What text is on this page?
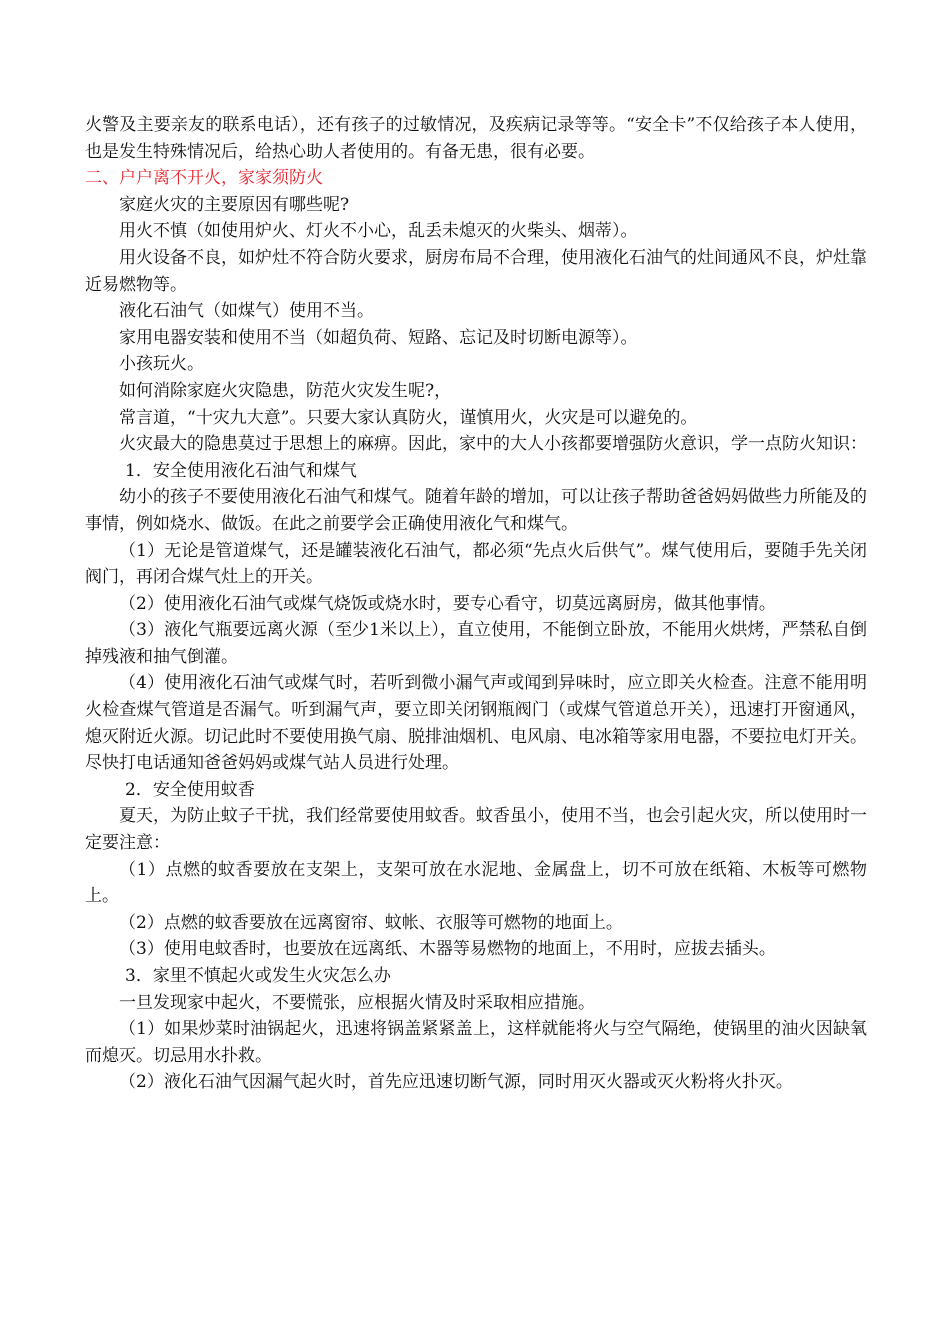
火警及主要亲友的联系电话），还有孩子的过敏情况，及疾病记录等等。“安全卡”不仅给孩子本人使用，也是发生特殊情况后，给热心助人者使用的。有备无患，很有必要。

二、户户离不开火，家家须防火

家庭火灾的主要原因有哪些呢?

用火不慎（如使用炉火、灯火不小心，乱丢未熄灭的火柴头、烟蒂）。

用火设备不良，如炉灶不符合防火要求，厨房布局不合理，使用液化石油气的灶间通风不良，炉灶靠近易燃物等。

液化石油气（如煤气）使用不当。

家用电器安装和使用不当（如超负荷、短路、忘记及时切断电源等）。

小孩玩火。

如何消除家庭火灾隐患，防范火灾发生呢?，

常言道，“十灾九大意”。只要大家认真防火，谨慎用火，火灾是可以避免的。

火灾最大的隐患莫过于思想上的麻痹。因此，家中的大人小孩都要增强防火意识，学一点防火知识：

1．安全使用液化石油气和煤气

幼小的孩子不要使用液化石油气和煤气。随着年龄的增加，可以让孩子帮助爸爸妈妈做些力所能及的事情，例如烧水、做饭。在此之前要学会正确使用液化气和煤气。

（1）无论是管道煤气，还是罐装液化石油气，都必须“先点火后供气”。煤气使用后，要随手先关闭阀门，再闭合煤气灶上的开关。

（2）使用液化石油气或煤气烧饭或烧水时，要专心看守，切莫远离厨房，做其他事情。

（3）液化气瓶要远离火源（至少1米以上），直立使用，不能倒立卧放，不能用火烘烤，严禁私自倒掉残液和抽气倒灌。

（4）使用液化石油气或煤气时，若听到微小漏气声或闻到异味时，应立即关火检查。注意不能用明火检查煤气管道是否漏气。听到漏气声，要立即关闭钢瓶阀门（或煤气管道总开关），迅速打开窗通风，熄灭附近火源。切记此时不要使用换气扇、脱排油烟机、电风扇、电冰箱等家用电器，不要拉电灯开关。尽快打电话通知爸爸妈妈或煤气站人员进行处理。

2．安全使用蚊香

夏天，为防止蚊子干扰，我们经常要使用蚊香。蚊香虽小，使用不当，也会引起火灾，所以使用时一定要注意：

（1）点燃的蚊香要放在支架上，支架可放在水泥地、金属盘上，切不可放在纸箱、木板等可燃物上。

（2）点燃的蚊香要放在远离窗帘、蚊帐、衣服等可燃物的地面上。

（3）使用电蚊香时，也要放在远离纸、木器等易燃物的地面上，不用时，应拔去插头。

3．家里不慎起火或发生火灾怎么办

一旦发现家中起火，不要慌张，应根据火情及时采取相应措施。

（1）如果炒菜时油锅起火，迅速将锅盖紧紧盖上，这样就能将火与空气隔绝，使锅里的油火因缺氧而熄灭。切忌用水扑救。

（2）液化石油气因漏气起火时，首先应迅速切断气源，同时用灭火器或灭火粉将火扑灭。
